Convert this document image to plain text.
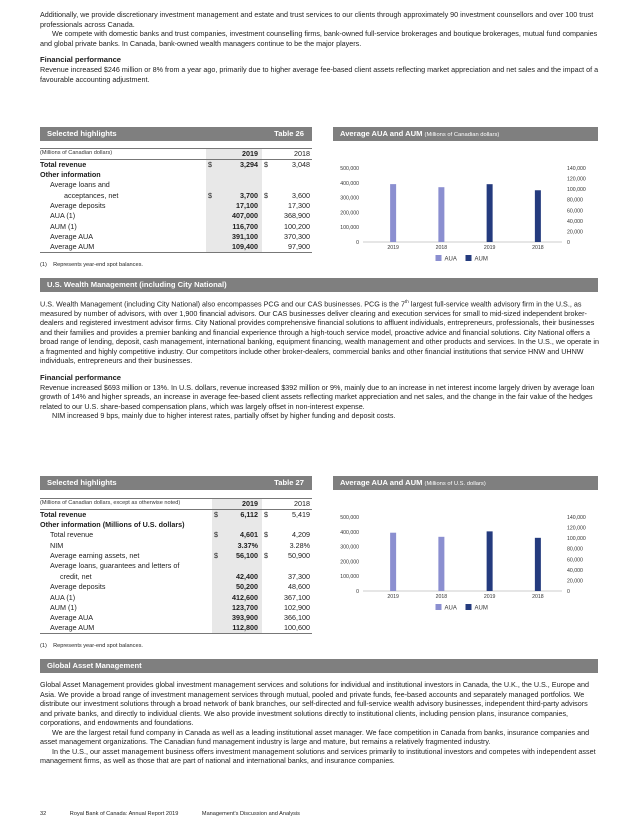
Additionally, we provide discretionary investment management and estate and trust services to our clients through approximately 90 investment counsellors and over 100 trust professionals across Canada.

We compete with domestic banks and trust companies, investment counselling firms, bank-owned full-service brokerages and boutique brokerages, mutual fund companies and global private banks. In Canada, bank-owned wealth managers continue to be the major players.

Financial performance

Revenue increased $246 million or 8% from a year ago, primarily due to higher average fee-based client assets reflecting market appreciation and net sales and the impact of a favourable accounting adjustment.

Selected highlights	Table 26
(Millions of Canadian dollars)		2019		2018
Total revenue	$	3,294	$	3,048
Other information				
Average loans and				
acceptances, net	$	3,700	$	3,600
Average deposits		17,100		17,300
AUA (1)		407,000		368,900
AUM (1)		116,700		100,200
Average AUA		391,100		370,300
Average AUM		109,400		97,900
(1) Represents year-end spot balances.
Average AUA and AUM (Millions of Canadian dollars)
500,000
400,000
300,000
200,000
100,000
0
140,000
120,000
100,000
80,000
60,000
40,000
20,000
0
2019	2018	2019	2018
AUA	AUM
U.S. Wealth Management (including City National)

U.S. Wealth Management (including City National) also encompasses PCG and our CAS businesses. PCG is the 7th largest full-service wealth advisory firm in the U.S., as measured by number of advisors, with over 1,900 financial advisors. Our CAS businesses deliver clearing and execution services for small to mid-sized independent broker-dealers and registered investment advisor firms. City National provides comprehensive financial solutions to affluent individuals, entrepreneurs, professionals, their businesses and their families and provides a premier banking and financial experience through a high-touch service model, proactive advice and financial solutions. City National offers a broad range of lending, deposit, cash management, international banking, equipment financing, wealth management and other products and services. In the U.S., we operate in a fragmented and highly competitive industry. Our competitors include other broker-dealers, commercial banks and other financial institutions that service HNW and UHNW individuals, entrepreneurs and their businesses.

Financial performance

Revenue increased $693 million or 13%. In U.S. dollars, revenue increased $392 million or 9%, mainly due to an increase in net interest income largely driven by average loan growth of 14% and higher spreads, an increase in average fee-based client assets reflecting market appreciation and net sales, and the change in the fair value of the hedges related to our U.S. share-based compensation plans, which was largely offset in non-interest expense.

NIM increased 9 bps, mainly due to higher interest rates, partially offset by higher funding and deposit costs.

Selected highlights	Table 27
(Millions of Canadian dollars, except as otherwise noted)		2019		2018
Total revenue	$	6,112	$	5,419
Other information (Millions of U.S. dollars)				
Total revenue	$	4,601	$	4,209
NIM		3.37%		3.28%
Average earning assets, net	$	56,100	$	50,900
Average loans, guarantees and letters of				
credit, net		42,400		37,300
Average deposits		50,200		48,600
AUA (1)		412,600		367,100
AUM (1)		123,700		102,900
Average AUA		393,900		366,100
Average AUM		112,800		100,600
(1) Represents year-end spot balances.
Average AUA and AUM (Millions of U.S. dollars)
500,000
400,000
300,000
200,000
100,000
0
140,000
120,000
100,000
80,000
60,000
40,000
20,000
0
2019	2018	2019	2018
AUA	AUM
Global Asset Management

Global Asset Management provides global investment management services and solutions for individual and institutional investors in Canada, the U.K., the U.S., Europe and Asia. We provide a broad range of investment management services through mutual, pooled and private funds, fee-based accounts and separately managed portfolios. We distribute our investment solutions through a broad network of bank branches, our self-directed and full-service wealth advisory businesses, independent third-party advisors and private banks, and directly to individual clients. We also provide investment solutions directly to institutional clients, including pension plans, insurance companies, corporations, and endowments and foundations.

We are the largest retail fund company in Canada as well as a leading institutional asset manager. We face competition in Canada from banks, insurance companies and asset management organizations. The Canadian fund management industry is large and mature, but remains a relatively fragmented industry.

In the U.S., our asset management business offers investment management solutions and services primarily to institutional investors and competes with independent asset management firms, as well as those that are part of national and international banks, and insurance companies.

32	Royal Bank of Canada: Annual Report 2019	Management's Discussion and Analysis
